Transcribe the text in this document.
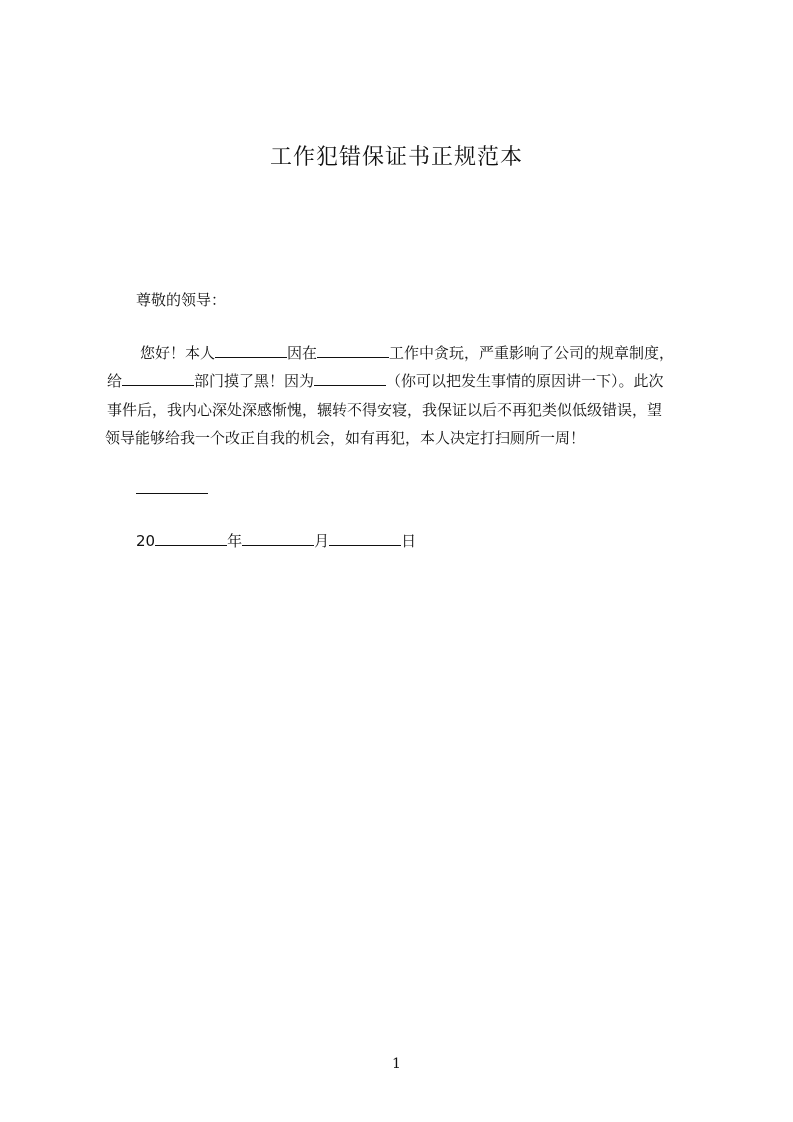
工作犯错保证书正规范本
尊敬的领导：
您好！本人	因在	工作中贪玩，严重影响了公司的规章制度，
给	部门摸了黑！因为	（你可以把发生事情的原因讲一下）。此次
事件后，我内心深处深感惭愧，辗转不得安寝，我保证以后不再犯类似低级错误，望
领导能够给我一个改正自我的机会，如有再犯，本人决定打扫厕所一周！
20	年	月	日
1
